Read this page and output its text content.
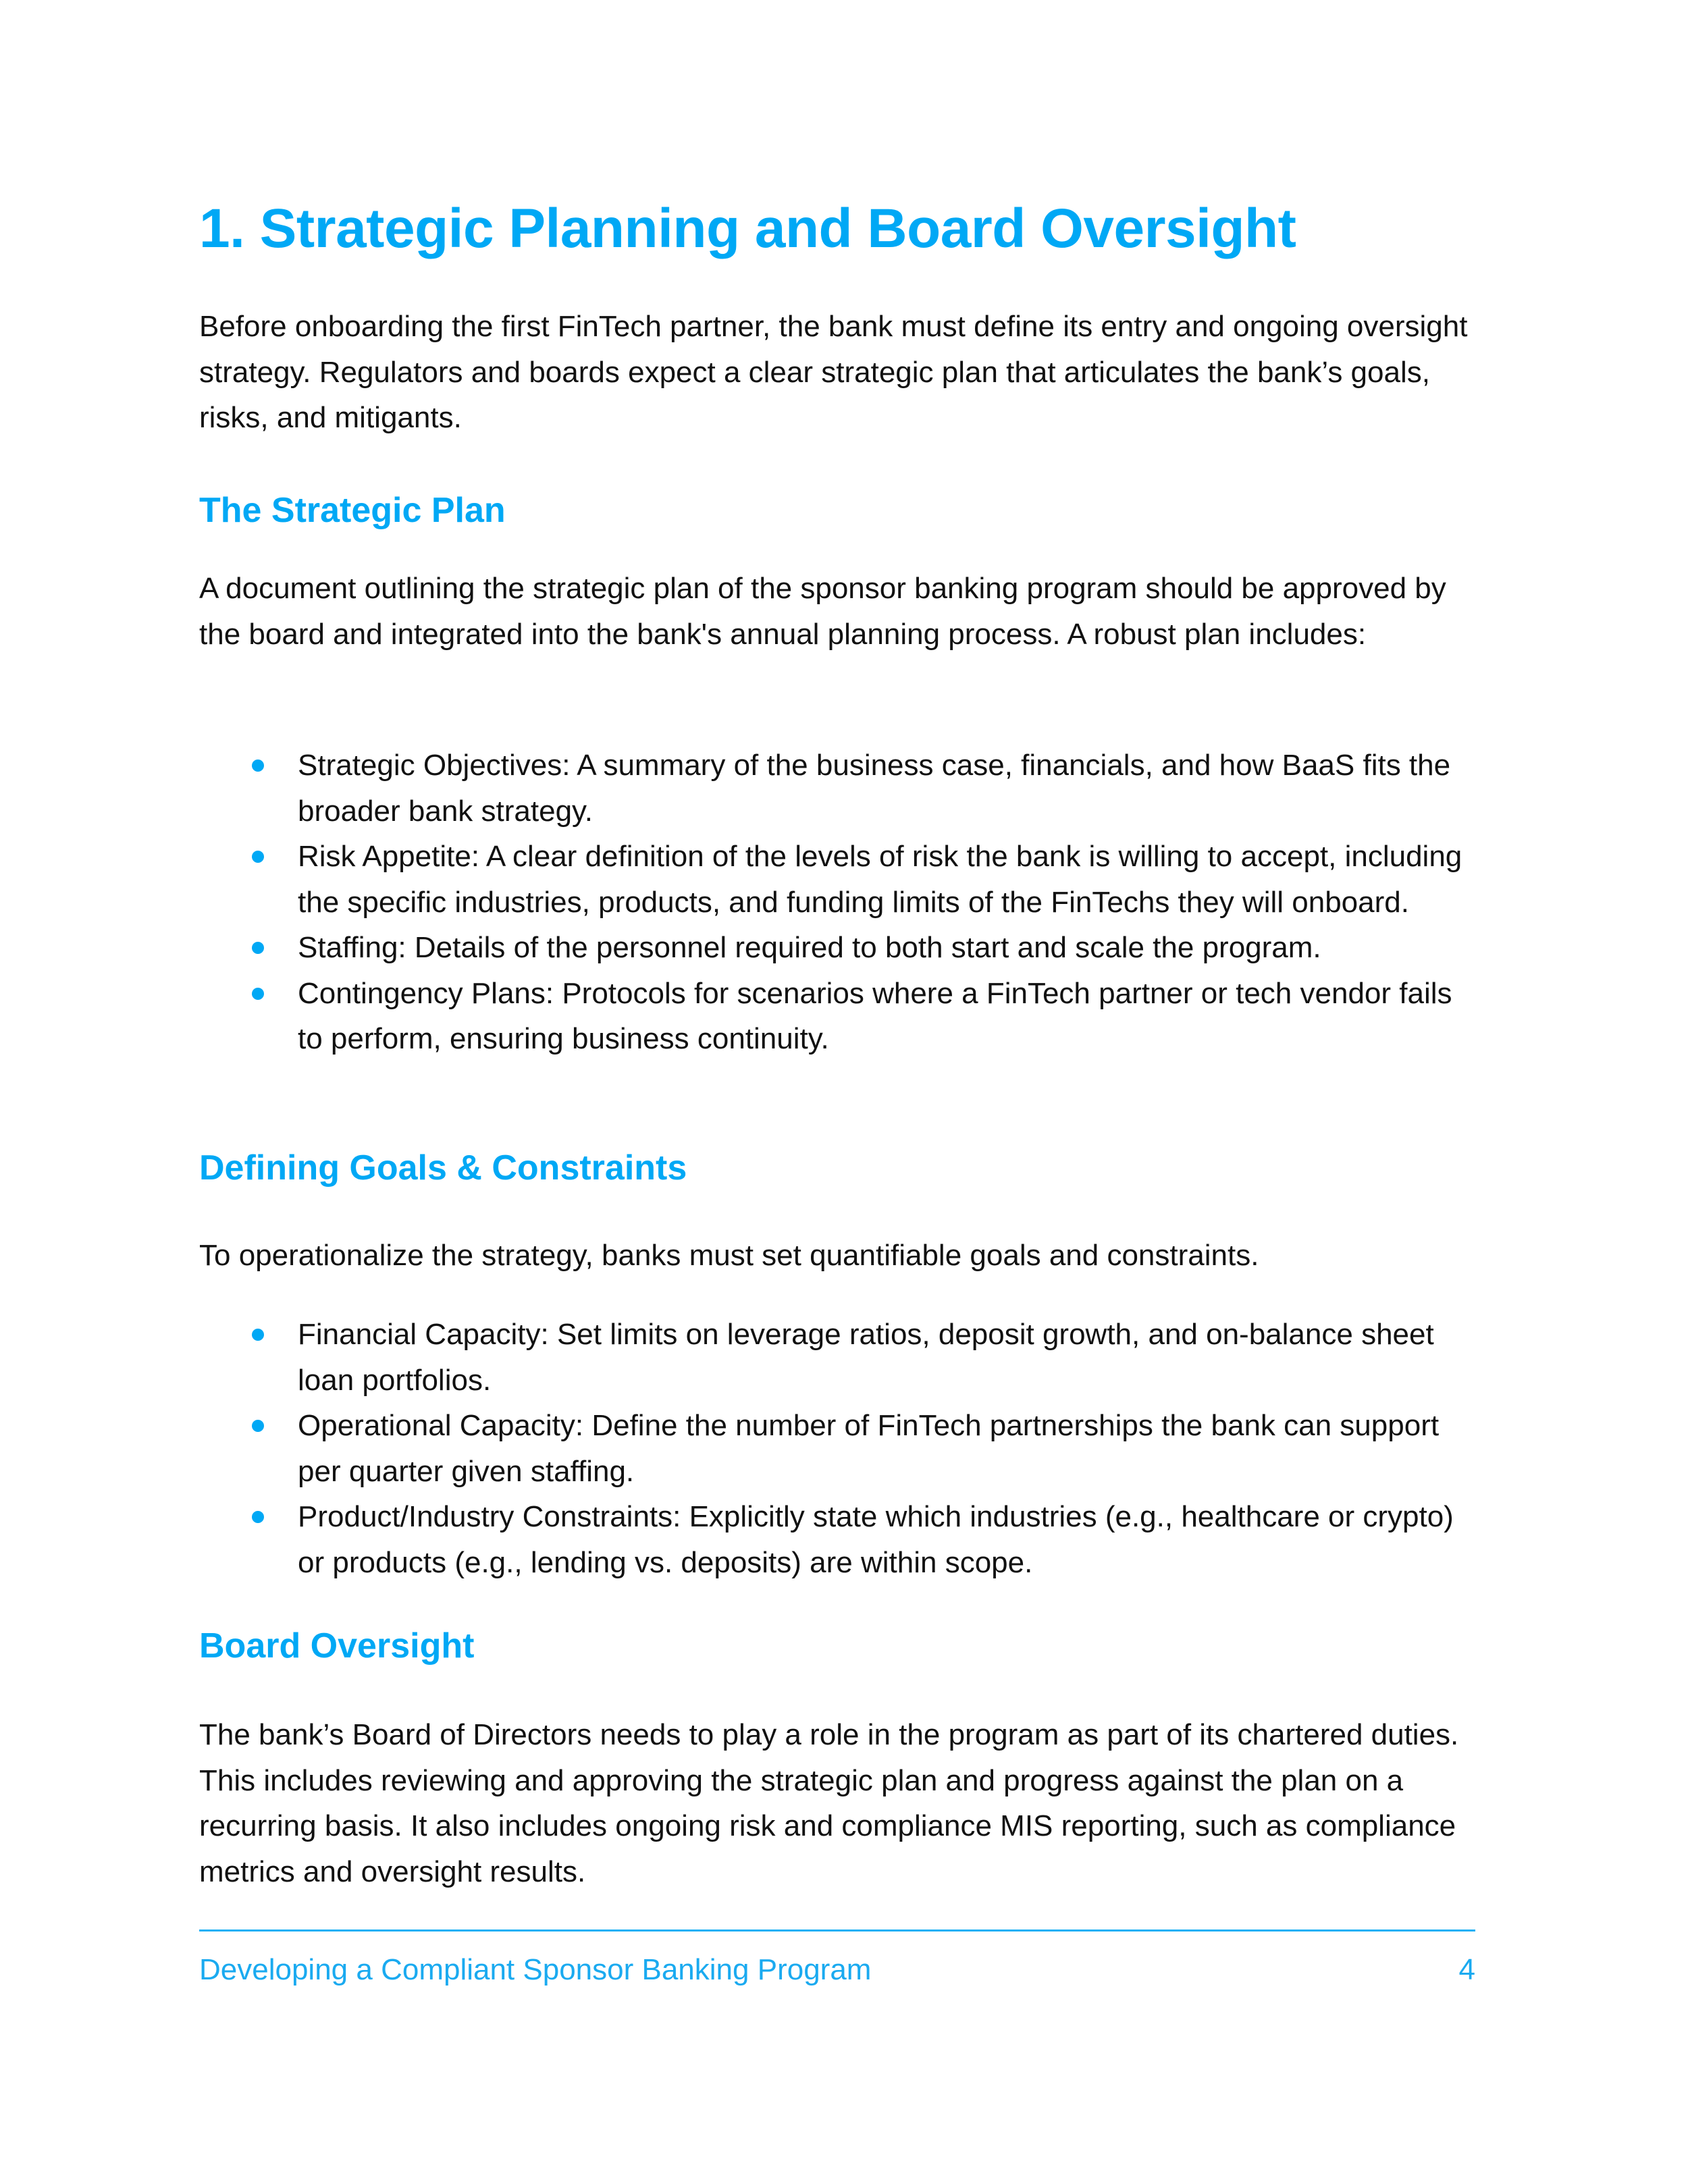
1. Strategic Planning and Board Oversight

Before onboarding the first FinTech partner, the bank must define its entry and ongoing oversight strategy. Regulators and boards expect a clear strategic plan that articulates the bank’s goals, risks, and mitigants.

The Strategic Plan

A document outlining the strategic plan of the sponsor banking program should be approved by the board and integrated into the bank's annual planning process. A robust plan includes:

Strategic Objectives: A summary of the business case, financials, and how BaaS fits the broader bank strategy.
Risk Appetite: A clear definition of the levels of risk the bank is willing to accept, including the specific industries, products, and funding limits of the FinTechs they will onboard.
Staffing: Details of the personnel required to both start and scale the program.
Contingency Plans: Protocols for scenarios where a FinTech partner or tech vendor fails to perform, ensuring business continuity.
Defining Goals & Constraints

To operationalize the strategy, banks must set quantifiable goals and constraints.

Financial Capacity: Set limits on leverage ratios, deposit growth, and on-balance sheet loan portfolios.
Operational Capacity: Define the number of FinTech partnerships the bank can support per quarter given staffing.
Product/Industry Constraints: Explicitly state which industries (e.g., healthcare or crypto) or products (e.g., lending vs. deposits) are within scope.
Board Oversight

The bank’s Board of Directors needs to play a role in the program as part of its chartered duties. This includes reviewing and approving the strategic plan and progress against the plan on a recurring basis. It also includes ongoing risk and compliance MIS reporting, such as compliance metrics and oversight results.

Developing a Compliant Sponsor Banking Program	4
